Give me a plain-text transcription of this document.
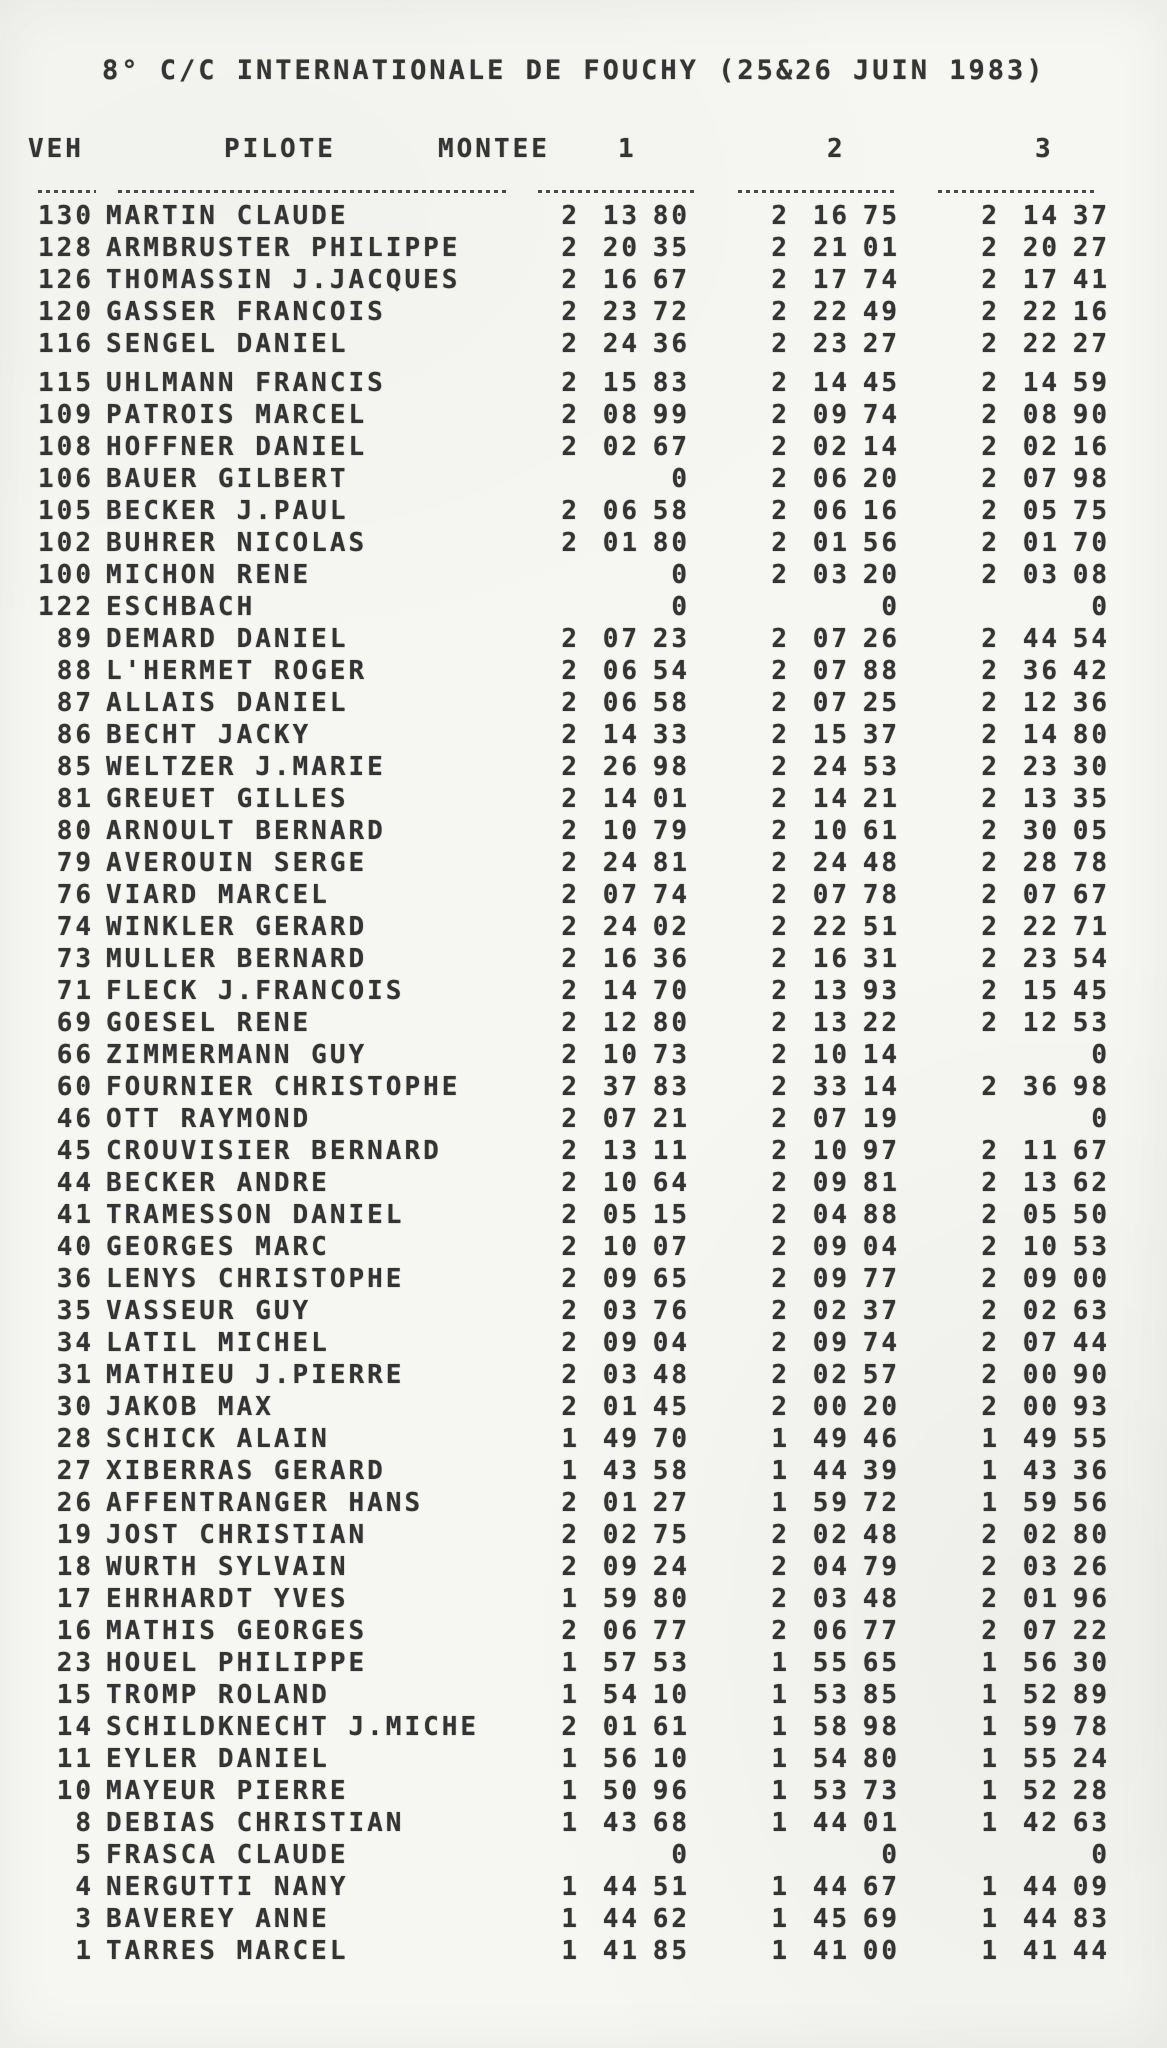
8° C/C INTERNATIONALE DE FOUCHY (25&26 JUIN 1983)
VEH	PILOTE	MONTEE	1	2	3
130 MARTIN CLAUDE	2 13 80	2 16 75	2 14 37
128 ARMBRUSTER PHILIPPE	2 20 35	2 21 01	2 20 27
126 THOMASSIN J.JACQUES	2 16 67	2 17 74	2 17 41
120 GASSER FRANCOIS	2 23 72	2 22 49	2 22 16
116 SENGEL DANIEL	2 24 36	2 23 27	2 22 27
115 UHLMANN FRANCIS	2 15 83	2 14 45	2 14 59
109 PATROIS MARCEL	2 08 99	2 09 74	2 08 90
108 HOFFNER DANIEL	2 02 67	2 02 14	2 02 16
106 BAUER GILBERT	0	2 06 20	2 07 98
105 BECKER J.PAUL	2 06 58	2 06 16	2 05 75
102 BUHRER NICOLAS	2 01 80	2 01 56	2 01 70
100 MICHON RENE	0	2 03 20	2 03 08
122 ESCHBACH	0	0	0
89 DEMARD DANIEL	2 07 23	2 07 26	2 44 54
88 L'HERMET ROGER	2 06 54	2 07 88	2 36 42
87 ALLAIS DANIEL	2 06 58	2 07 25	2 12 36
86 BECHT JACKY	2 14 33	2 15 37	2 14 80
85 WELTZER J.MARIE	2 26 98	2 24 53	2 23 30
81 GREUET GILLES	2 14 01	2 14 21	2 13 35
80 ARNOULT BERNARD	2 10 79	2 10 61	2 30 05
79 AVEROUIN SERGE	2 24 81	2 24 48	2 28 78
76 VIARD MARCEL	2 07 74	2 07 78	2 07 67
74 WINKLER GERARD	2 24 02	2 22 51	2 22 71
73 MULLER BERNARD	2 16 36	2 16 31	2 23 54
71 FLECK J.FRANCOIS	2 14 70	2 13 93	2 15 45
69 GOESEL RENE	2 12 80	2 13 22	2 12 53
66 ZIMMERMANN GUY	2 10 73	2 10 14	0
60 FOURNIER CHRISTOPHE	2 37 83	2 33 14	2 36 98
46 OTT RAYMOND	2 07 21	2 07 19	0
45 CROUVISIER BERNARD	2 13 11	2 10 97	2 11 67
44 BECKER ANDRE	2 10 64	2 09 81	2 13 62
41 TRAMESSON DANIEL	2 05 15	2 04 88	2 05 50
40 GEORGES MARC	2 10 07	2 09 04	2 10 53
36 LENYS CHRISTOPHE	2 09 65	2 09 77	2 09 00
35 VASSEUR GUY	2 03 76	2 02 37	2 02 63
34 LATIL MICHEL	2 09 04	2 09 74	2 07 44
31 MATHIEU J.PIERRE	2 03 48	2 02 57	2 00 90
30 JAKOB MAX	2 01 45	2 00 20	2 00 93
28 SCHICK ALAIN	1 49 70	1 49 46	1 49 55
27 XIBERRAS GERARD	1 43 58	1 44 39	1 43 36
26 AFFENTRANGER HANS	2 01 27	1 59 72	1 59 56
19 JOST CHRISTIAN	2 02 75	2 02 48	2 02 80
18 WURTH SYLVAIN	2 09 24	2 04 79	2 03 26
17 EHRHARDT YVES	1 59 80	2 03 48	2 01 96
16 MATHIS GEORGES	2 06 77	2 06 77	2 07 22
23 HOUEL PHILIPPE	1 57 53	1 55 65	1 56 30
15 TROMP ROLAND	1 54 10	1 53 85	1 52 89
14 SCHILDKNECHT J.MICHE	2 01 61	1 58 98	1 59 78
11 EYLER DANIEL	1 56 10	1 54 80	1 55 24
10 MAYEUR PIERRE	1 50 96	1 53 73	1 52 28
8 DEBIAS CHRISTIAN	1 43 68	1 44 01	1 42 63
5 FRASCA CLAUDE	0	0	0
4 NERGUTTI NANY	1 44 51	1 44 67	1 44 09
3 BAVEREY ANNE	1 44 62	1 45 69	1 44 83
1 TARRES MARCEL	1 41 85	1 41 00	1 41 44
